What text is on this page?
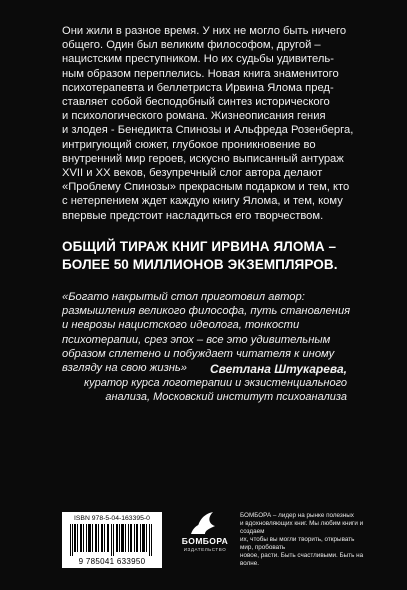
Они жили в разное время. У них не могло быть ничего

общего. Один был великим философом, другой –

нацистским преступником. Но их судьбы удивитель-

ным образом переплелись. Новая книга знаменитого

психотерапевта и беллетриста Ирвина Ялома пред-

ставляет собой бесподобный синтез исторического

и психологического романа. Жизнеописания гения

и злодея - Бенедикта Спинозы и Альфреда Розенберга,

интригующий сюжет, глубокое проникновение во

внутренний мир героев, искусно выписанный антураж

XVII и XX веков, безупречный слог автора делают

«Проблему Спинозы» прекрасным подарком и тем, кто

с нетерпением ждет каждую книгу Ялома, и тем, кому

впервые предстоит насладиться его творчеством.

ОБЩИЙ ТИРАЖ КНИГ ИРВИНА ЯЛОМА –
БОЛЕЕ 50 МИЛЛИОНОВ ЭКЗЕМПЛЯРОВ.
«Богато накрытый стол приготовил автор:
размышления великого философа, путь становления
и неврозы нацистского идеолога, тонкости
психотерапии, срез эпох – все это удивительным
образом сплетено и побуждает читателя к иному
взгляду на свою жизнь»	Светлана Штукарева,
куратор курса логотерапии и экзистенциального
анализа, Московский институт психоанализа
ISBN 978-5-04-163395-0
9 785041 633950
БОМБОРА
ИЗДАТЕЛЬСТВО
БОМБОРА – лидер на рынке полезных
и вдохновляющих книг. Мы любим книги и создаем
их, чтобы вы могли творить, открывать мир, пробовать
новое, расти. Быть счастливыми. Быть на волне.
